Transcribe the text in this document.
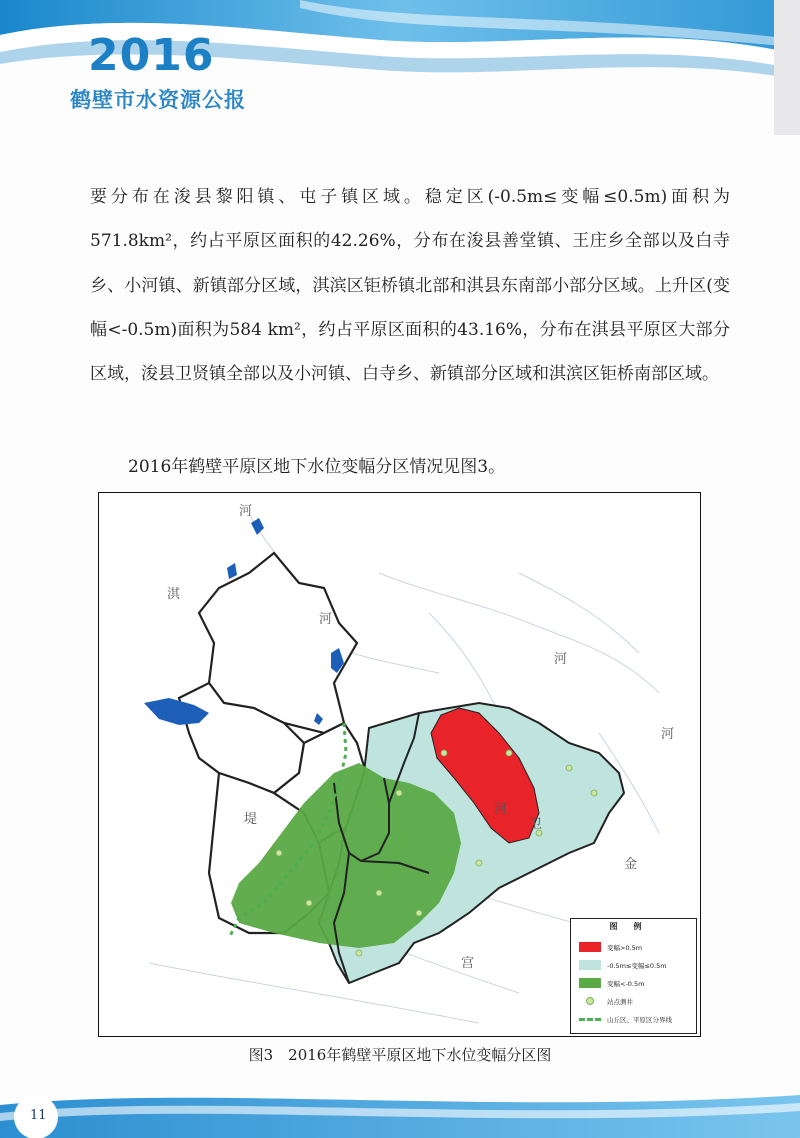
2016
鹤壁市水资源公报

要分布在浚县黎阳镇、屯子镇区域。稳定区(-0.5m≤变幅≤0.5m)面积为571.8km²，约占平原区面积的42.26%，分布在浚县善堂镇、王庄乡全部以及白寺乡、小河镇、新镇部分区域，淇滨区钜桥镇北部和淇县东南部小部分区域。上升区(变幅<-0.5m)面积为584 km²，约占平原区面积的43.16%，分布在淇县平原区大部分区域，浚县卫贤镇全部以及小河镇、白寺乡、新镇部分区域和淇滨区钜桥南部区域。

2016年鹤壁平原区地下水位变幅分区情况见图3。
淇
河
河
河
卫
河
金
堤
河
宫
图例
变幅>0.5m
-0.5m≤变幅≤0.5m
变幅<-0.5m
站点测井
山丘区、平原区分界线
图3　2016年鹤壁平原区地下水位变幅分区图
11
